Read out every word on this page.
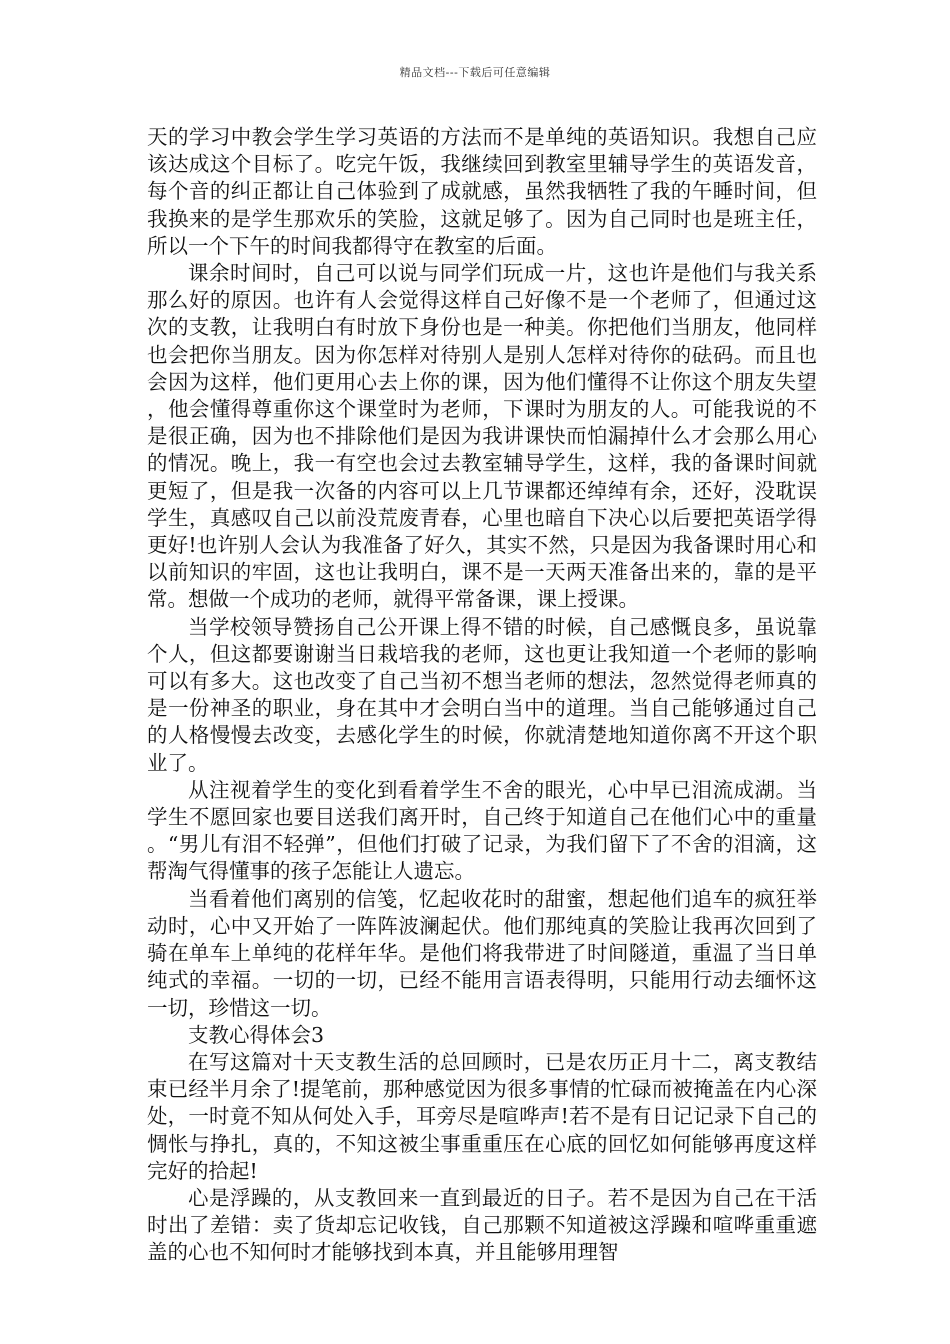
精品文档---下载后可任意编辑

天的学习中教会学生学习英语的方法而不是单纯的英语知识。我想自己应该达成这个目标了。吃完午饭，我继续回到教室里辅导学生的英语发音，每个音的纠正都让自己体验到了成就感，虽然我牺牲了我的午睡时间，但我换来的是学生那欢乐的笑脸，这就足够了。因为自己同时也是班主任，所以一个下午的时间我都得守在教室的后面。

课余时间时，自己可以说与同学们玩成一片，这也许是他们与我关系那么好的原因。也许有人会觉得这样自己好像不是一个老师了，但通过这次的支教，让我明白有时放下身份也是一种美。你把他们当朋友，他同样也会把你当朋友。因为你怎样对待别人是别人怎样对待你的砝码。而且也会因为这样，他们更用心去上你的课，因为他们懂得不让你这个朋友失望，他会懂得尊重你这个课堂时为老师，下课时为朋友的人。可能我说的不是很正确，因为也不排除他们是因为我讲课快而怕漏掉什么才会那么用心的情况。晚上，我一有空也会过去教室辅导学生，这样，我的备课时间就更短了，但是我一次备的内容可以上几节课都还绰绰有余，还好，没耽误学生，真感叹自己以前没荒废青春，心里也暗自下决心以后要把英语学得更好!也许别人会认为我准备了好久，其实不然，只是因为我备课时用心和以前知识的牢固，这也让我明白，课不是一天两天准备出来的，靠的是平常。想做一个成功的老师，就得平常备课，课上授课。

当学校领导赞扬自己公开课上得不错的时候，自己感慨良多，虽说靠个人，但这都要谢谢当日栽培我的老师，这也更让我知道一个老师的影响可以有多大。这也改变了自己当初不想当老师的想法，忽然觉得老师真的是一份神圣的职业，身在其中才会明白当中的道理。当自己能够通过自己的人格慢慢去改变，去感化学生的时候，你就清楚地知道你离不开这个职业了。

从注视着学生的变化到看着学生不舍的眼光，心中早已泪流成湖。当学生不愿回家也要目送我们离开时，自己终于知道自己在他们心中的重量。“男儿有泪不轻弹”，但他们打破了记录，为我们留下了不舍的泪滴，这帮淘气得懂事的孩子怎能让人遗忘。

当看着他们离别的信笺，忆起收花时的甜蜜，想起他们追车的疯狂举动时，心中又开始了一阵阵波澜起伏。他们那纯真的笑脸让我再次回到了骑在单车上单纯的花样年华。是他们将我带进了时间隧道，重温了当日单纯式的幸福。一切的一切，已经不能用言语表得明，只能用行动去缅怀这一切，珍惜这一切。

支教心得体会3

在写这篇对十天支教生活的总回顾时，已是农历正月十二，离支教结束已经半月余了!提笔前，那种感觉因为很多事情的忙碌而被掩盖在内心深处，一时竟不知从何处入手，耳旁尽是喧哗声!若不是有日记记录下自己的惆怅与挣扎，真的，不知这被尘事重重压在心底的回忆如何能够再度这样完好的拾起!

心是浮躁的，从支教回来一直到最近的日子。若不是因为自己在干活时出了差错：卖了货却忘记收钱，自己那颗不知道被这浮躁和喧哗重重遮盖的心也不知何时才能够找到本真，并且能够用理智
